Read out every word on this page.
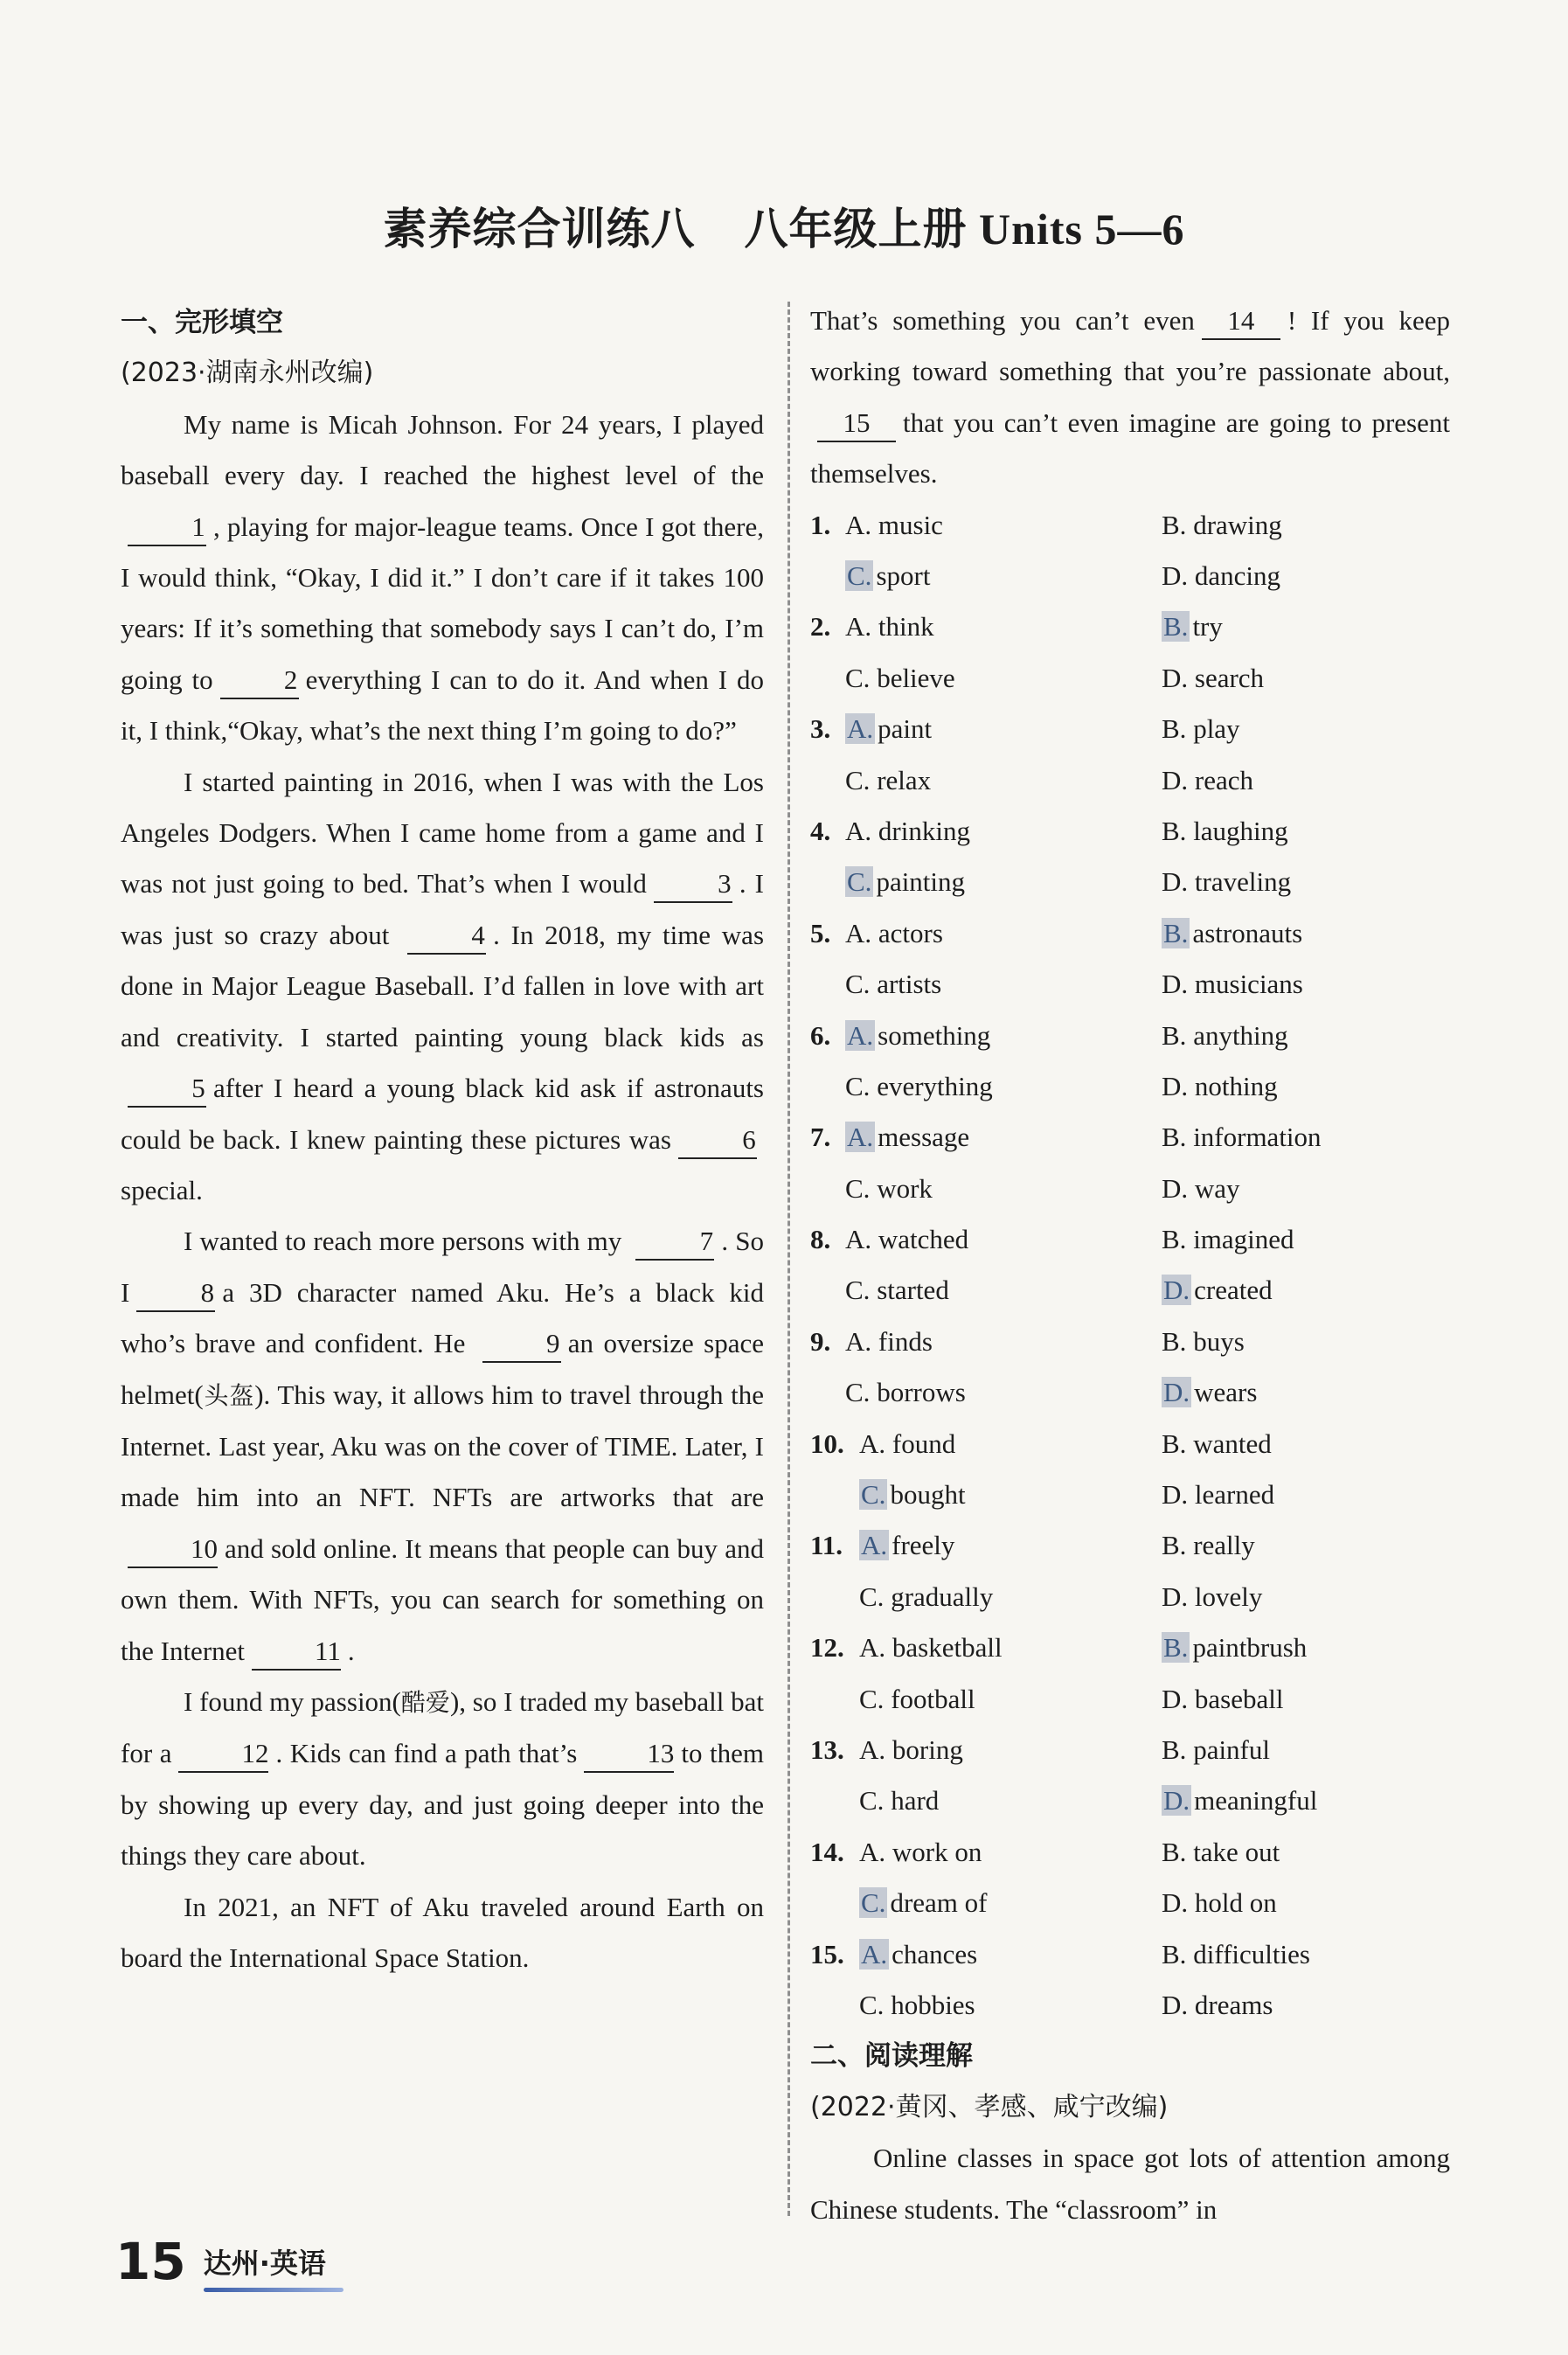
素养综合训练八 八年级上册 Units 5—6
一、完形填空
(2023·湖南永州改编)

My name is Micah Johnson. For 24 years, I played baseball every day. I reached the highest level of the1 , playing for major-league teams. Once I got there, I would think, “Okay, I did it.” I don’t care if it takes 100 years: If it’s something that somebody says I can’t do, I’m going to	2 everything I can to do it. And when I do it, I think,“Okay, what’s the next thing I’m going to do?”

I started painting in 2016, when I was with the Los Angeles Dodgers. When I came home from a game and I was not just going to bed. That’s when I would	3 . I was just so crazy about	4 . In 2018, my time was done in Major League Baseball. I’d fallen in love with art and creativity. I started painting young black kids as 5 after I heard a young black kid ask if astronauts could be back. I knew painting these pictures was	6special.

I wanted to reach more persons with my	7 . So I	8 a 3D character named Aku. He’s a black kid who’s brave and confident. He	9 an oversize space helmet(头盔). This way, it allows him to travel through the Internet. Last year, Aku was on the cover of TIME. Later, I made him into an NFT. NFTs are artworks that are10 and sold online. It means that people can buy and own them. With NFTs, you can search for something on the Internet	11 .

I found my passion(酷爱), so I traded my baseball bat for a	12 . Kids can find a path that’s	13 to them by showing up every day, and just going deeper into the things they care about.

In 2021, an NFT of Aku traveled around Earth on board the International Space Station.

That’s something you can’t even 14 ! If you keep working toward something that you’re passionate about,15 that you can’t even imagine are going to present themselves.

1. A. music	B. drawing
C. sport	D. dancing
2. A. think	B. try
C. believe	D. search
3. A. paint	B. play
C. relax	D. reach
4. A. drinking	B. laughing
C. painting	D. traveling
5. A. actors	B. astronauts
C. artists	D. musicians
6. A. something	B. anything
C. everything	D. nothing
7. A. message	B. information
C. work	D. way
8. A. watched	B. imagined
C. started	D. created
9. A. finds	B. buys
C. borrows	D. wears
10. A. found	B. wanted
C. bought	D. learned
11. A. freely	B. really
C. gradually	D. lovely
12. A. basketball	B. paintbrush
C. football	D. baseball
13. A. boring	B. painful
C. hard	D. meaningful
14. A. work on	B. take out
C. dream of	D. hold on
15. A. chances	B. difficulties
C. hobbies	D. dreams
二、阅读理解
(2022·黄冈、孝感、咸宁改编)

Online classes in space got lots of attention among Chinese students. The “classroom” in

15 达州·英语
